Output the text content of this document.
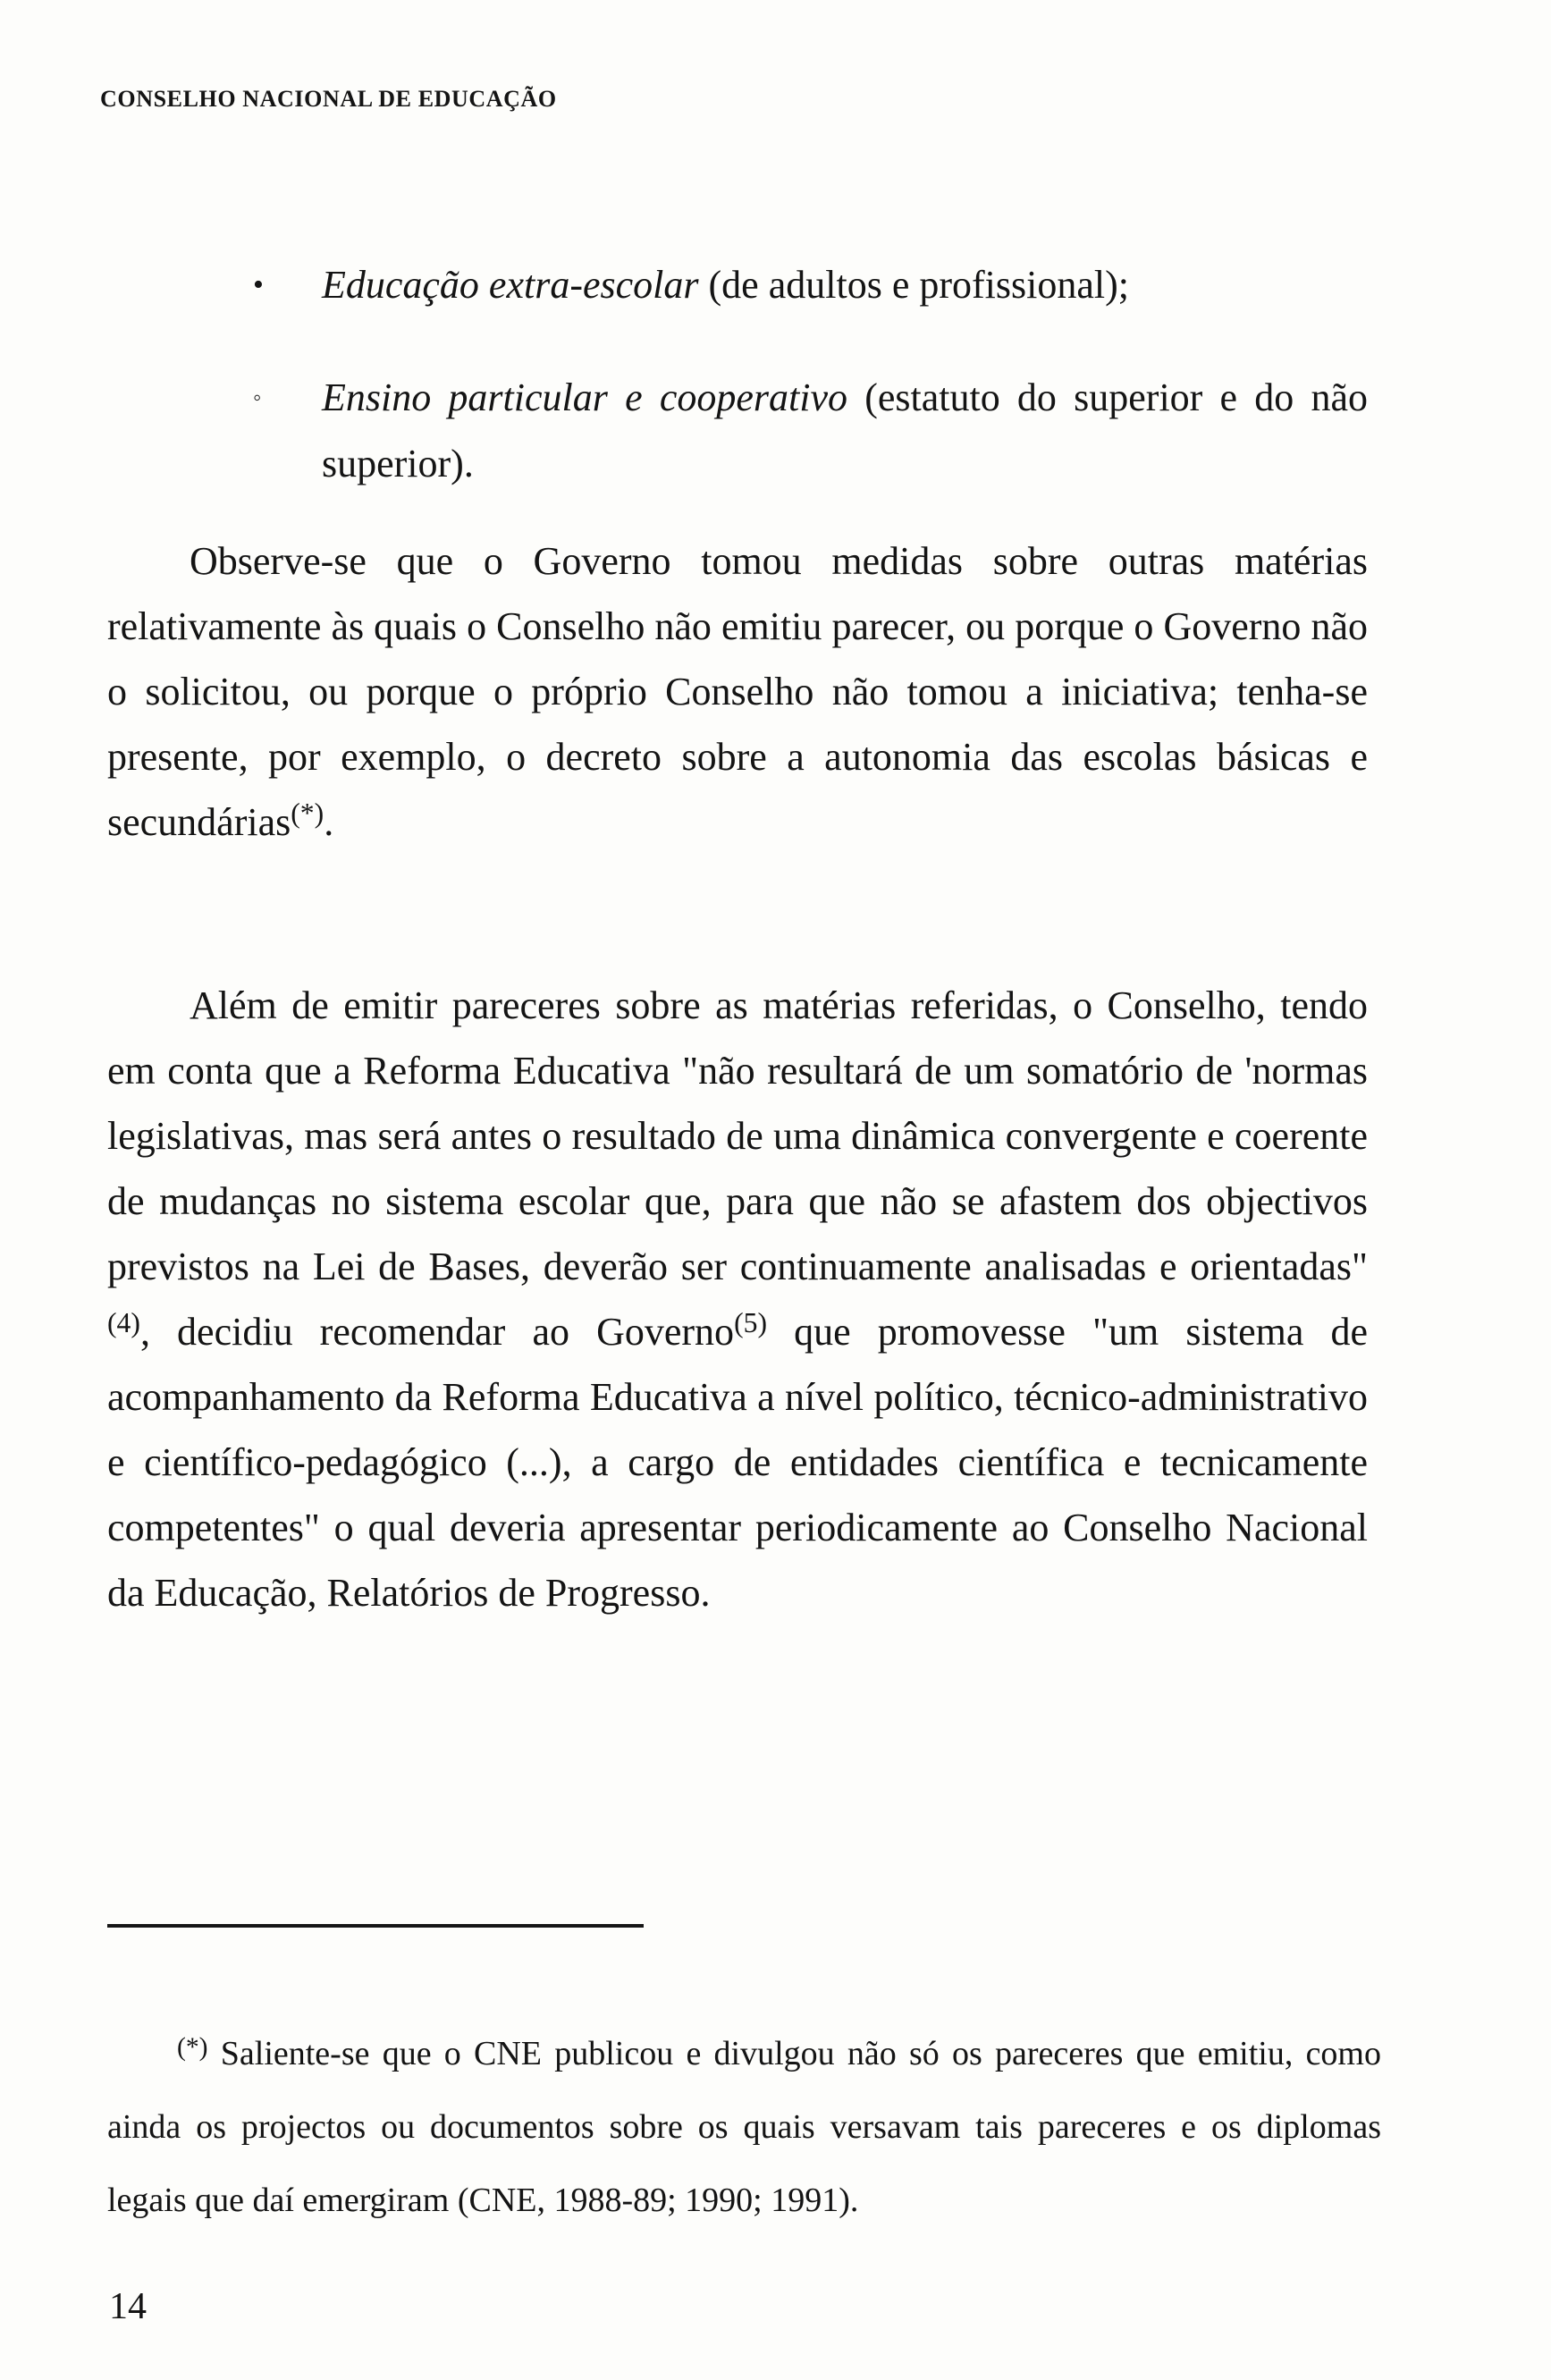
CONSELHO NACIONAL DE EDUCAÇÃO
•	Educação extra-escolar (de adultos e profissional);
◦	Ensino particular e cooperativo (estatuto do superior e do não superior).

Observe-se que o Governo tomou medidas sobre outras matérias relativamente às quais o Conselho não emitiu parecer, ou porque o Governo não o solicitou, ou porque o próprio Conselho não tomou a iniciativa; tenha-se presente, por exemplo, o decreto sobre a autonomia das escolas básicas e secundárias(*).

Além de emitir pareceres sobre as matérias referidas, o Conselho, tendo em conta que a Reforma Educativa "não resultará de um somatório de 'normas legislativas, mas será antes o resultado de uma dinâmica convergente e coerente de mudanças no sistema escolar que, para que não se afastem dos objectivos previstos na Lei de Bases, deverão ser continuamente analisadas e orientadas"$^{(4)}$, decidiu recomendar ao Governo$^{(5)}$ que promovesse "um sistema de acompanhamento da Reforma Educativa a nível político, técnico-administrativo e científico-pedagógico (...), a cargo de entidades científica e tecnicamente competentes" o qual deveria apresentar periodicamente ao Conselho Nacional da Educação, Relatórios de Progresso.

(*) Saliente-se que o CNE publicou e divulgou não só os pareceres que emitiu, como ainda os projectos ou documentos sobre os quais versavam tais pareceres e os diplomas legais que daí emergiram (CNE, 1988-89; 1990; 1991).

14
